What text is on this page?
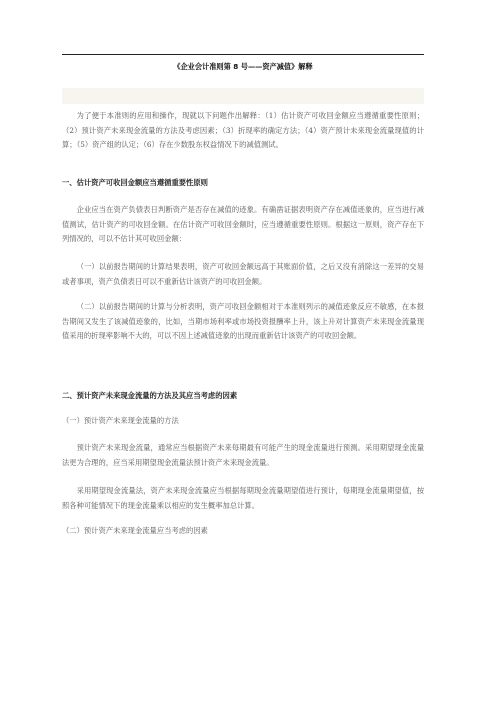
《企业会计准则第 8 号——资产减值》解释

为了便于本准则的应用和操作，现就以下问题作出解释：（1）估计资产可收回金额应当遵循重要性原则；（2）预计资产未来现金流量的方法及考虑因素；（3）折现率的确定方法；（4）资产预计未来现金流量现值的计算；（5）资产组的认定；（6）存在少数股东权益情况下的减值测试。

一、估计资产可收回金额应当遵循重要性原则

企业应当在资产负债表日判断资产是否存在减值的迹象。有确凿证据表明资产存在减值迹象的，应当进行减值测试，估计资产的可收回金额。在估计资产可收回金额时，应当遵循重要性原则。根据这一原则，资产存在下列情况的，可以不估计其可收回金额：

（一）以前报告期间的计算结果表明，资产可收回金额远高于其账面价值，之后又没有消除这一差异的交易或者事项，资产负债表日可以不重新估计该资产的可收回金额。

（二）以前报告期间的计算与分析表明，资产可收回金额相对于本准则列示的减值迹象反应不敏感，在本报告期间又发生了该减值迹象的，比如，当期市场利率或市场投资报酬率上升，该上升对计算资产未来现金流量现值采用的折现率影响不大的，可以不因上述减值迹象的出现而重新估计该资产的可收回金额。

二、预计资产未来现金流量的方法及其应当考虑的因素

（一）预计资产未来现金流量的方法

预计资产未来现金流量，通常应当根据资产未来每期最有可能产生的现金流量进行预测。采用期望现金流量法更为合理的，应当采用期望现金流量法预计资产未来现金流量。

采用期望现金流量法，资产未来现金流量应当根据每期现金流量期望值进行预计，每期现金流量期望值，按照各种可能情况下的现金流量乘以相应的发生概率加总计算。

（二）预计资产未来现金流量应当考虑的因素
